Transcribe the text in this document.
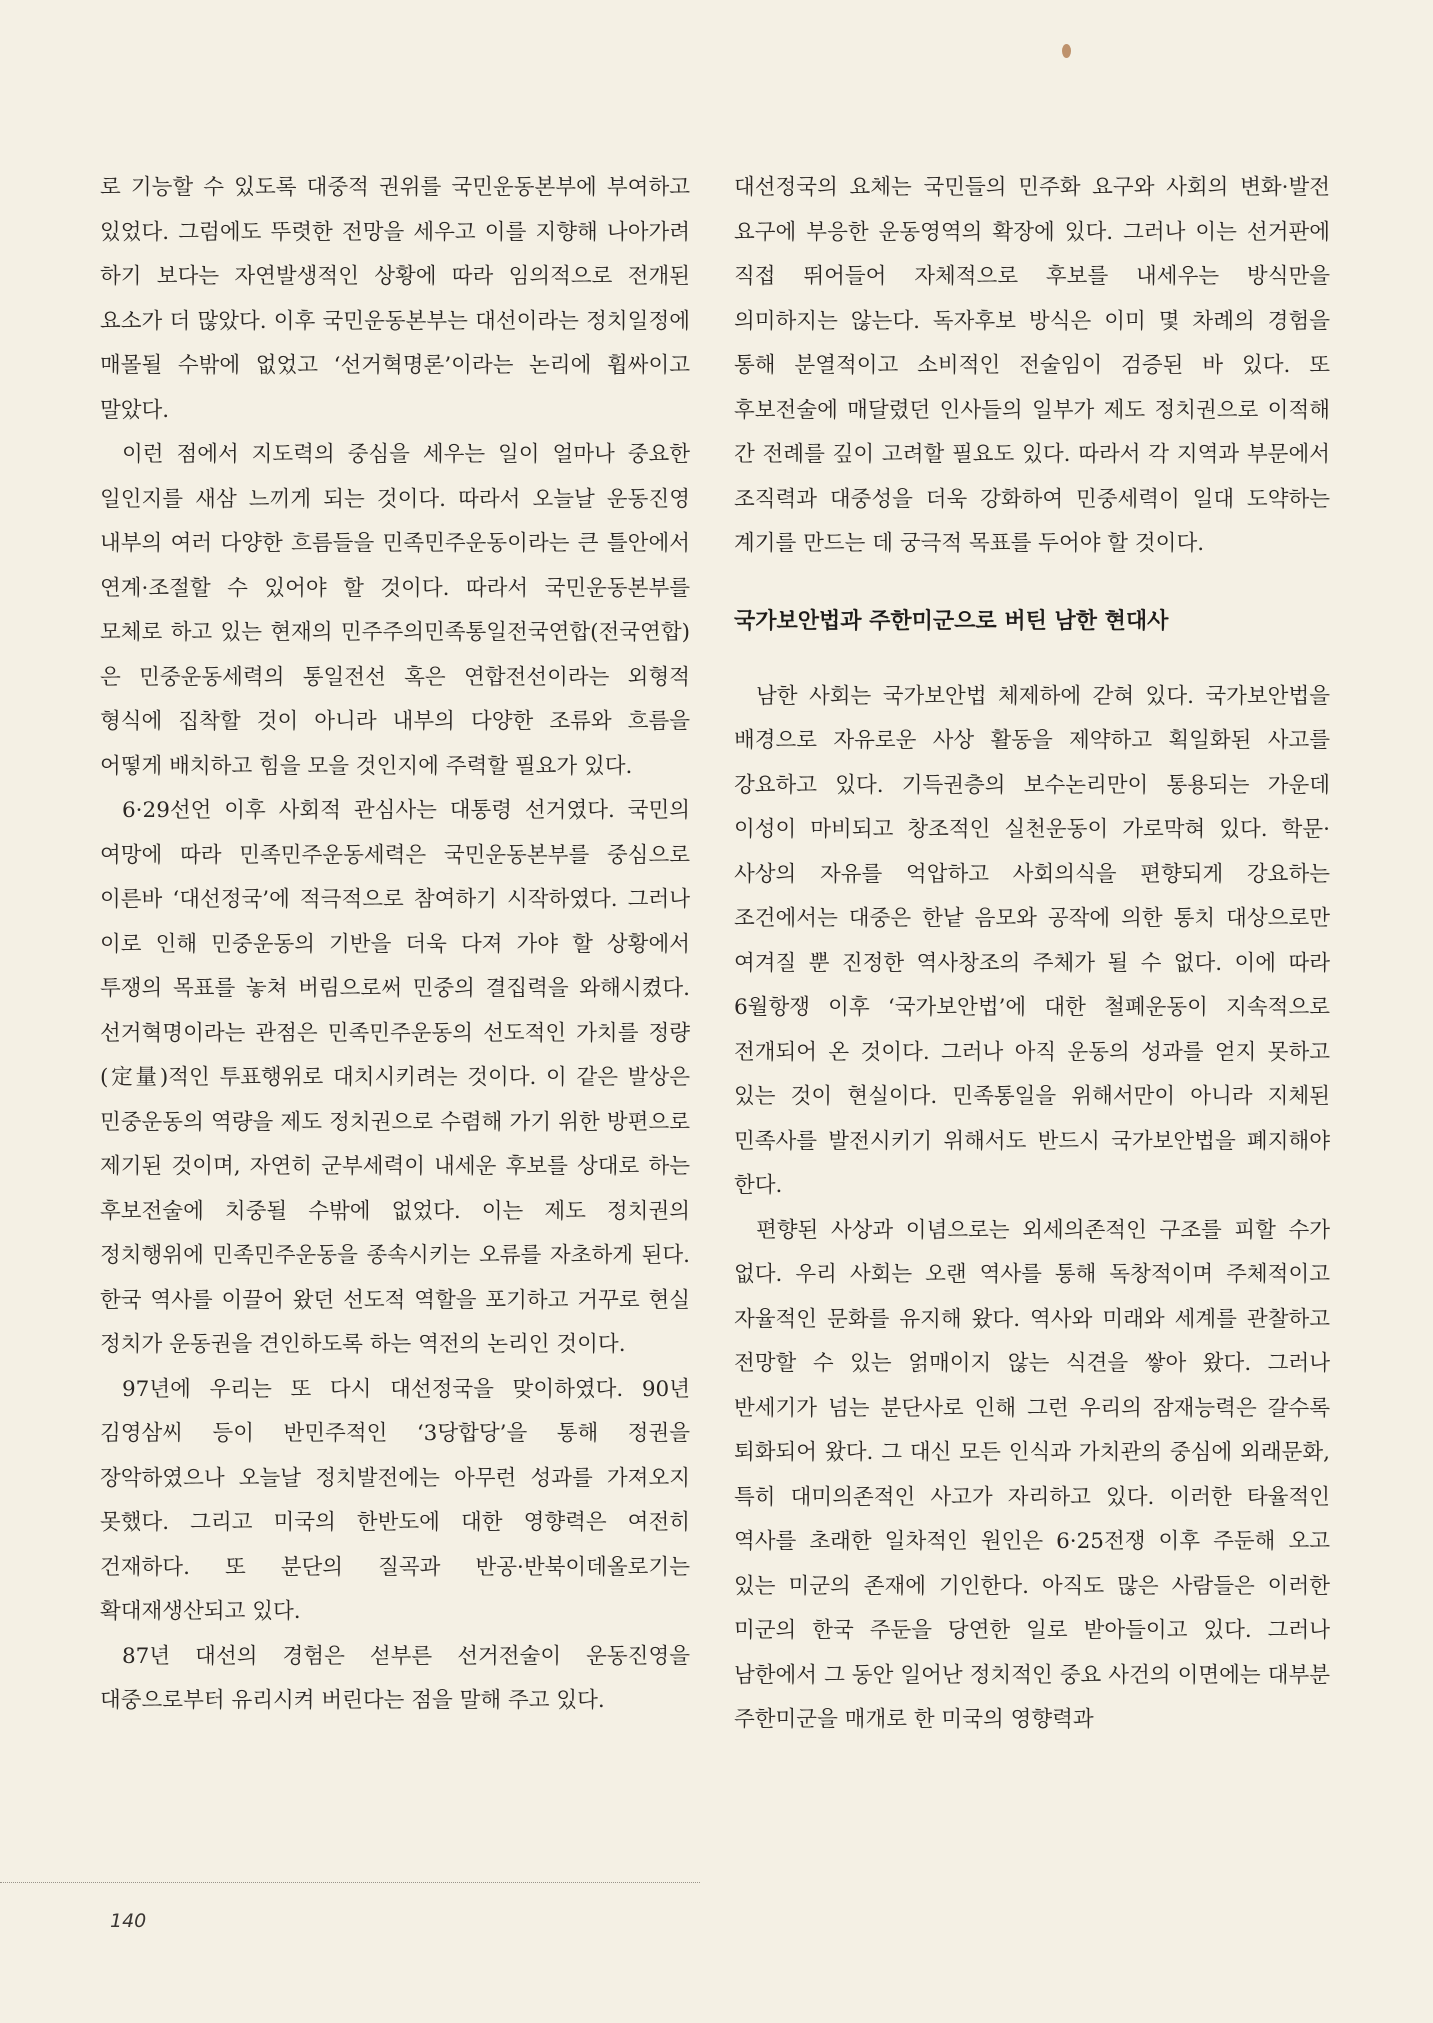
로 기능할 수 있도록 대중적 권위를 국민운동본부에 부여하고 있었다. 그럼에도 뚜렷한 전망을 세우고 이를 지향해 나아가려 하기 보다는 자연발생적인 상황에 따라 임의적으로 전개된 요소가 더 많았다. 이후 국민운동본부는 대선이라는 정치일정에 매몰될 수밖에 없었고 ‘선거혁명론’이라는 논리에 휩싸이고 말았다.

이런 점에서 지도력의 중심을 세우는 일이 얼마나 중요한 일인지를 새삼 느끼게 되는 것이다. 따라서 오늘날 운동진영 내부의 여러 다양한 흐름들을 민족민주운동이라는 큰 틀안에서 연계·조절할 수 있어야 할 것이다. 따라서 국민운동본부를 모체로 하고 있는 현재의 민주주의민족통일전국연합(전국연합)은 민중운동세력의 통일전선 혹은 연합전선이라는 외형적 형식에 집착할 것이 아니라 내부의 다양한 조류와 흐름을 어떻게 배치하고 힘을 모을 것인지에 주력할 필요가 있다.

6·29선언 이후 사회적 관심사는 대통령 선거였다. 국민의 여망에 따라 민족민주운동세력은 국민운동본부를 중심으로 이른바 ‘대선정국’에 적극적으로 참여하기 시작하였다. 그러나 이로 인해 민중운동의 기반을 더욱 다져 가야 할 상황에서 투쟁의 목표를 놓쳐 버림으로써 민중의 결집력을 와해시켰다. 선거혁명이라는 관점은 민족민주운동의 선도적인 가치를 정량(定量)적인 투표행위로 대치시키려는 것이다. 이 같은 발상은 민중운동의 역량을 제도 정치권으로 수렴해 가기 위한 방편으로 제기된 것이며, 자연히 군부세력이 내세운 후보를 상대로 하는 후보전술에 치중될 수밖에 없었다. 이는 제도 정치권의 정치행위에 민족민주운동을 종속시키는 오류를 자초하게 된다. 한국 역사를 이끌어 왔던 선도적 역할을 포기하고 거꾸로 현실 정치가 운동권을 견인하도록 하는 역전의 논리인 것이다.

97년에 우리는 또 다시 대선정국을 맞이하였다. 90년 김영삼씨 등이 반민주적인 ‘3당합당’을 통해 정권을 장악하였으나 오늘날 정치발전에는 아무런 성과를 가져오지 못했다. 그리고 미국의 한반도에 대한 영향력은 여전히 건재하다. 또 분단의 질곡과 반공·반북이데올로기는 확대재생산되고 있다.

87년 대선의 경험은 섣부른 선거전술이 운동진영을 대중으로부터 유리시켜 버린다는 점을 말해 주고 있다.

대선정국의 요체는 국민들의 민주화 요구와 사회의 변화·발전 요구에 부응한 운동영역의 확장에 있다. 그러나 이는 선거판에 직접 뛰어들어 자체적으로 후보를 내세우는 방식만을 의미하지는 않는다. 독자후보 방식은 이미 몇 차례의 경험을 통해 분열적이고 소비적인 전술임이 검증된 바 있다. 또 후보전술에 매달렸던 인사들의 일부가 제도 정치권으로 이적해 간 전례를 깊이 고려할 필요도 있다. 따라서 각 지역과 부문에서 조직력과 대중성을 더욱 강화하여 민중세력이 일대 도약하는 계기를 만드는 데 궁극적 목표를 두어야 할 것이다.

국가보안법과 주한미군으로 버틴 남한 현대사

남한 사회는 국가보안법 체제하에 갇혀 있다. 국가보안법을 배경으로 자유로운 사상 활동을 제약하고 획일화된 사고를 강요하고 있다. 기득권층의 보수논리만이 통용되는 가운데 이성이 마비되고 창조적인 실천운동이 가로막혀 있다. 학문·사상의 자유를 억압하고 사회의식을 편향되게 강요하는 조건에서는 대중은 한낱 음모와 공작에 의한 통치 대상으로만 여겨질 뿐 진정한 역사창조의 주체가 될 수 없다. 이에 따라 6월항쟁 이후 ‘국가보안법’에 대한 철폐운동이 지속적으로 전개되어 온 것이다. 그러나 아직 운동의 성과를 얻지 못하고 있는 것이 현실이다. 민족통일을 위해서만이 아니라 지체된 민족사를 발전시키기 위해서도 반드시 국가보안법을 폐지해야 한다.

편향된 사상과 이념으로는 외세의존적인 구조를 피할 수가 없다. 우리 사회는 오랜 역사를 통해 독창적이며 주체적이고 자율적인 문화를 유지해 왔다. 역사와 미래와 세계를 관찰하고 전망할 수 있는 얽매이지 않는 식견을 쌓아 왔다. 그러나 반세기가 넘는 분단사로 인해 그런 우리의 잠재능력은 갈수록 퇴화되어 왔다. 그 대신 모든 인식과 가치관의 중심에 외래문화, 특히 대미의존적인 사고가 자리하고 있다. 이러한 타율적인 역사를 초래한 일차적인 원인은 6·25전쟁 이후 주둔해 오고 있는 미군의 존재에 기인한다. 아직도 많은 사람들은 이러한 미군의 한국 주둔을 당연한 일로 받아들이고 있다. 그러나 남한에서 그 동안 일어난 정치적인 중요 사건의 이면에는 대부분 주한미군을 매개로 한 미국의 영향력과

140
